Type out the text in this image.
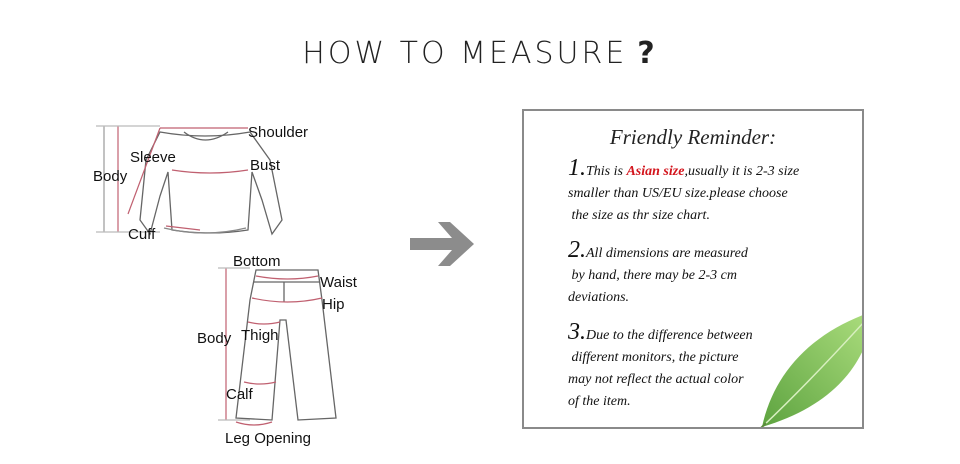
HOW TO MEASURE ?
Shoulder
Sleeve	Bust
Body
Cuff
Bottom
Waist
Hip
Body Thigh
Calf
Leg Opening
Friendly Reminder:
1.This is Asian size,usually it is 2-3 size
smaller than US/EU size.please choose
the size as thr size chart.
2.All dimensions are measured
by hand, there may be 2-3 cm
deviations.
3.Due to the difference between
different monitors, the picture
may not reflect the actual color
of the item.
